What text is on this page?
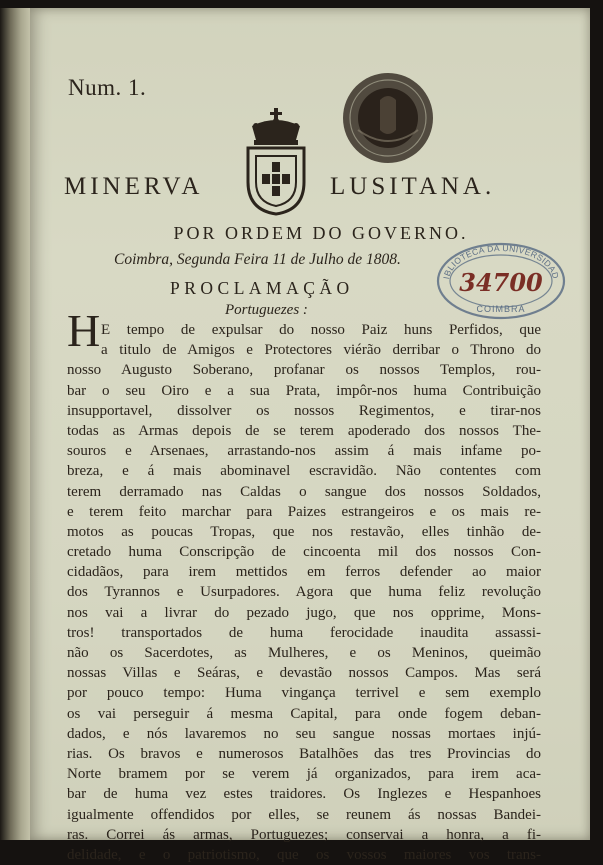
Num. 1.
MINERVA	LUSITANA.
POR ORDEM DO GOVERNO.
Coimbra, Segunda Feira 11 de Julho de 1808.
PROCLAMAÇÃO
IBLIOTECA DA UNIVERSIDAD
COIMBRA
34700
Portuguezes :
H E tempo de expulsar do nosso Paiz huns Perfidos, que
a titulo de Amigos e Protectores viérão derribar o Throno do
nosso Augusto Soberano, profanar os nossos Templos, rou-
bar o seu Oiro e a sua Prata, impôr-nos huma Contribuição
insupportavel, dissolver os nossos Regimentos, e tirar-nos
todas as Armas depois de se terem apoderado dos nossos The-
souros e Arsenaes, arrastando-nos assim á mais infame po-
breza, e á mais abominavel escravidão. Não contentes com
terem derramado nas Caldas o sangue dos nossos Soldados,
e terem feito marchar para Paizes estrangeiros e os mais re-
motos as poucas Tropas, que nos restavão, elles tinhão de-
cretado huma Conscripção de cincoenta mil dos nossos Con-
cidadãos, para irem mettidos em ferros defender ao maior
dos Tyrannos e Usurpadores. Agora que huma feliz revolução
nos vai a livrar do pezado jugo, que nos opprime, Mons-
tros! transportados de huma ferocidade inaudita assassi-
não os Sacerdotes, as Mulheres, e os Meninos, queimão
nossas Villas e Seáras, e devastão nossos Campos. Mas será
por pouco tempo: Huma vingança terrivel e sem exemplo
os vai perseguir á mesma Capital, para onde fogem deban-
dados, e nós lavaremos no seu sangue nossas mortaes injú-
rias. Os bravos e numerosos Batalhões das tres Provincias do
Norte bramem por se verem já organizados, para irem aca-
bar de huma vez estes traidores. Os Inglezes e Hespanhoes
igualmente offendidos por elles, se reunem ás nossas Bandei-
ras. Correi ás armas, Portuguezes; conservai a honra, a fi-
delidade, e o patriotismo, que os vossos maiores vos trans-
